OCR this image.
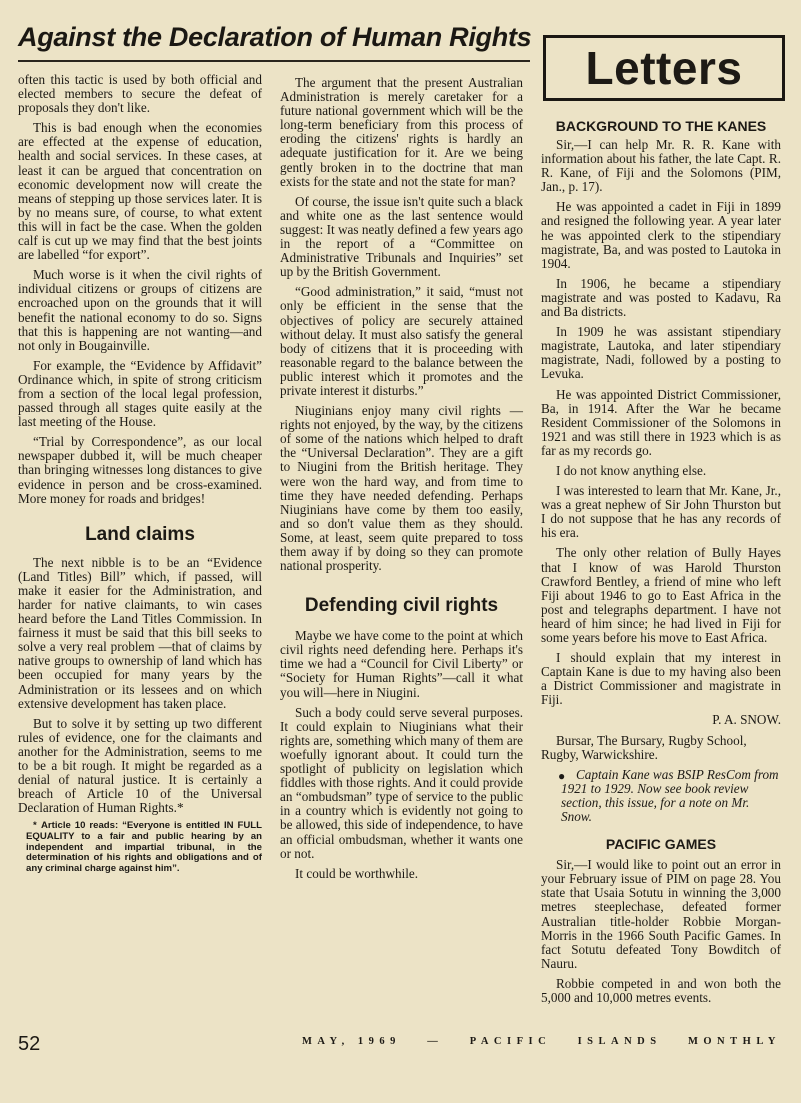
Against the Declaration of Human Rights
Letters

often this tactic is used by both official and elected members to secure the defeat of proposals they don't like.

This is bad enough when the economies are effected at the expense of education, health and social services. In these cases, at least it can be argued that concentration on economic development now will create the means of stepping up those services later. It is by no means sure, of course, to what extent this will in fact be the case. When the golden calf is cut up we may find that the best joints are labelled “for export”.

Much worse is it when the civil rights of individual citizens or groups of citizens are encroached upon on the grounds that it will benefit the national economy to do so. Signs that this is happening are not wanting—and not only in Bougainville.

For example, the “Evidence by Affidavit” Ordinance which, in spite of strong criticism from a section of the local legal profession, passed through all stages quite easily at the last meeting of the House.

“Trial by Correspondence”, as our local newspaper dubbed it, will be much cheaper than bringing witnesses long distances to give evidence in person and be cross-examined. More money for roads and bridges!

Land claims

The next nibble is to be an “Evidence (Land Titles) Bill” which, if passed, will make it easier for the Administration, and harder for native claimants, to win cases heard before the Land Titles Commission. In fairness it must be said that this bill seeks to solve a very real problem —that of claims by native groups to ownership of land which has been occupied for many years by the Administration or its lessees and on which extensive development has taken place.

But to solve it by setting up two different rules of evidence, one for the claimants and another for the Administration, seems to me to be a bit rough. It might be regarded as a denial of natural justice. It is certainly a breach of Article 10 of the Universal Declaration of Human Rights.*

* Article 10 reads: “Everyone is entitled IN FULL EQUALITY to a fair and public hearing by an independent and impartial tribunal, in the determination of his rights and obligations and of any criminal charge against him”.

The argument that the present Australian Administration is merely caretaker for a future national government which will be the long-term beneficiary from this process of eroding the citizens' rights is hardly an adequate justification for it. Are we being gently broken in to the doctrine that man exists for the state and not the state for man?

Of course, the issue isn't quite such a black and white one as the last sentence would suggest: It was neatly defined a few years ago in the report of a “Committee on Administrative Tribunals and Inquiries” set up by the British Government.

“Good administration,” it said, “must not only be efficient in the sense that the objectives of policy are securely attained without delay. It must also satisfy the general body of citizens that it is proceeding with reasonable regard to the balance between the public interest which it promotes and the private interest it disturbs.”

Niuginians enjoy many civil rights —rights not enjoyed, by the way, by the citizens of some of the nations which helped to draft the “Universal Declaration”. They are a gift to Niugini from the British heritage. They were won the hard way, and from time to time they have needed defending. Perhaps Niuginians have come by them too easily, and so don't value them as they should. Some, at least, seem quite prepared to toss them away if by doing so they can promote national prosperity.

Defending civil rights

Maybe we have come to the point at which civil rights need defending here. Perhaps it's time we had a “Council for Civil Liberty” or “Society for Human Rights”—call it what you will—here in Niugini.

Such a body could serve several purposes. It could explain to Niuginians what their rights are, something which many of them are woefully ignorant about. It could turn the spotlight of publicity on legislation which fiddles with those rights. And it could provide an “ombudsman” type of service to the public in a country which is evidently not going to be allowed, this side of independence, to have an official ombudsman, whether it wants one or not.

It could be worthwhile.

BACKGROUND TO THE KANES

Sir,—I can help Mr. R. R. Kane with information about his father, the late Capt. R. R. Kane, of Fiji and the Solomons (PIM, Jan., p. 17).

He was appointed a cadet in Fiji in 1899 and resigned the following year. A year later he was appointed clerk to the stipendiary magistrate, Ba, and was posted to Lautoka in 1904.

In 1906, he became a stipendiary magistrate and was posted to Kadavu, Ra and Ba districts.

In 1909 he was assistant stipendiary magistrate, Lautoka, and later stipendiary magistrate, Nadi, followed by a posting to Levuka.

He was appointed District Commissioner, Ba, in 1914. After the War he became Resident Commissioner of the Solomons in 1921 and was still there in 1923 which is as far as my records go.

I do not know anything else.

I was interested to learn that Mr. Kane, Jr., was a great nephew of Sir John Thurston but I do not suppose that he has any records of his era.

The only other relation of Bully Hayes that I know of was Harold Thurston Crawford Bentley, a friend of mine who left Fiji about 1946 to go to East Africa in the post and telegraphs department. I have not heard of him since; he had lived in Fiji for some years before his move to East Africa.

I should explain that my interest in Captain Kane is due to my having also been a District Commissioner and magistrate in Fiji.

P. A. SNOW.

Bursar, The Bursary, Rugby School, Rugby, Warwickshire.

● Captain Kane was BSIP ResCom from 1921 to 1929. Now see book review section, this issue, for a note on Mr. Snow.

PACIFIC GAMES

Sir,—I would like to point out an error in your February issue of PIM on page 28. You state that Usaia Sotutu in winning the 3,000 metres steeplechase, defeated former Australian title-holder Robbie Morgan-Morris in the 1966 South Pacific Games. In fact Sotutu defeated Tony Bowditch of Nauru.

Robbie competed in and won both the 5,000 and 10,000 metres events.

52	MAY, 1969	—	PACIFIC	ISLANDS	MONTHLY
